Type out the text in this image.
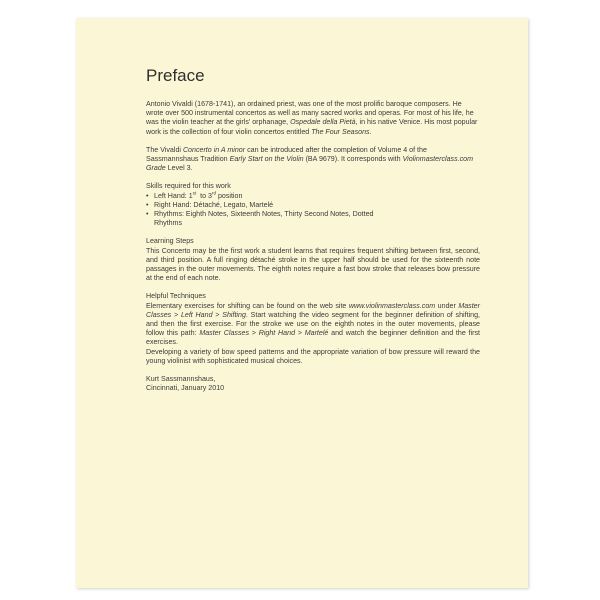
Preface

Antonio Vivaldi (1678-1741), an ordained priest, was one of the most prolific baroque composers. He wrote over 500 instrumental concertos as well as many sacred works and operas. For most of his life, he was the violin teacher at the girls' orphanage, Ospedale della Pietà, in his native Venice. His most popular work is the collection of four violin concertos entitled The Four Seasons.

The Vivaldi Concerto in A minor can be introduced after the completion of Volume 4 of the Sassmannshaus Tradition Early Start on the Violin (BA 9679). It corresponds with Violinmasterclass.com Grade Level 3.

Skills required for this work
• Left Hand: 1st  to 3rd position
• Right Hand: Détaché, Legato, Martelé
• Rhythms: Eighth Notes, Sixteenth Notes, Thirty Second Notes, Dotted
Rhythms
Learning Steps

This Concerto may be the first work a student learns that requires frequent shifting between first, second, and third position. A full ringing détaché stroke in the upper half should be used for the sixteenth note passages in the outer movements. The eighth notes require a fast bow stroke that releases bow pressure at the end of each note.

Helpful Techniques
Elementary exercises for shifting can be found on the web site www.violinmasterclass.com under Master Classes > Left Hand > Shifting. Start watching the video segment for the beginner definition of shifting, and then the first exercise. For the stroke we use on the eighth notes in the outer movements, please follow this path: Master Classes > Right Hand > Martelé and watch the beginner definition and the first exercises.

Developing a variety of bow speed patterns and the appropriate variation of bow pressure will reward the young violinist with sophisticated musical choices.

Kurt Sassmannshaus,
Cincinnati, January 2010
